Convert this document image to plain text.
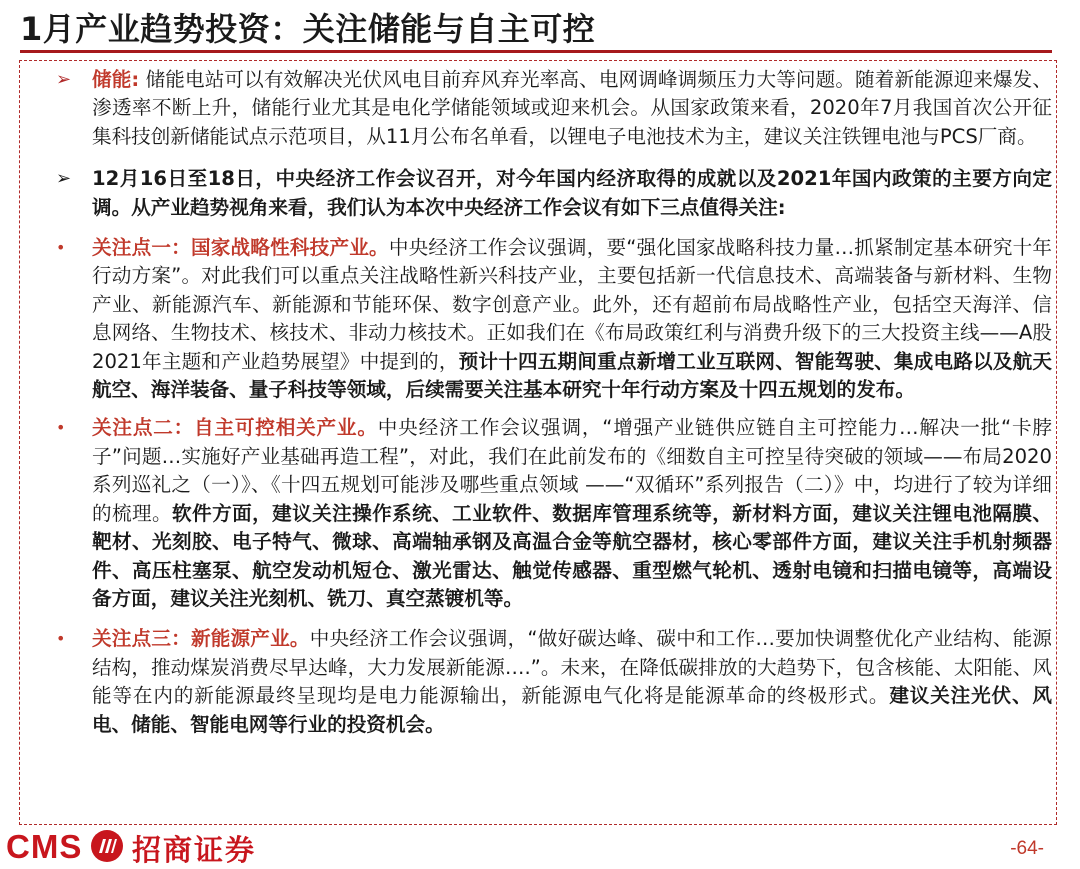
1月产业趋势投资：关注储能与自主可控
➢	储能: 储能电站可以有效解决光伏风电目前弃风弃光率高、电网调峰调频压力大等问题。随着新能源迎来爆发、渗透率不断上升，储能行业尤其是电化学储能领域或迎来机会。从国家政策来看，2020年7月我国首次公开征集科技创新储能试点示范项目，从11月公布名单看，以锂电子电池技术为主，建议关注铁锂电池与PCS厂商。
➢	12月16日至18日，中央经济工作会议召开，对今年国内经济取得的成就以及2021年国内政策的主要方向定调。从产业趋势视角来看，我们认为本次中央经济工作会议有如下三点值得关注:
•	关注点一：国家战略性科技产业。中央经济工作会议强调，要“强化国家战略科技力量…抓紧制定基本研究十年行动方案”。对此我们可以重点关注战略性新兴科技产业，主要包括新一代信息技术、高端装备与新材料、生物产业、新能源汽车、新能源和节能环保、数字创意产业。此外，还有超前布局战略性产业，包括空天海洋、信息网络、生物技术、核技术、非动力核技术。正如我们在《布局政策红利与消费升级下的三大投资主线——A股2021年主题和产业趋势展望》中提到的，预计十四五期间重点新增工业互联网、智能驾驶、集成电路以及航天航空、海洋装备、量子科技等领域，后续需要关注基本研究十年行动方案及十四五规划的发布。
•	关注点二：自主可控相关产业。中央经济工作会议强调，“增强产业链供应链自主可控能力…解决一批“卡脖子”问题…实施好产业基础再造工程”，对此，我们在此前发布的《细数自主可控呈待突破的领域——布局2020系列巡礼之（一）》、《十四五规划可能涉及哪些重点领域 ——“双循环”系列报告（二）》中，均进行了较为详细的梳理。软件方面，建议关注操作系统、工业软件、数据库管理系统等，新材料方面，建议关注锂电池隔膜、靶材、光刻胶、电子特气、微球、高端轴承钢及高温合金等航空器材，核心零部件方面，建议关注手机射频器件、高压柱塞泵、航空发动机短仓、激光雷达、触觉传感器、重型燃气轮机、透射电镜和扫描电镜等，高端设备方面，建议关注光刻机、铣刀、真空蒸镀机等。
•	关注点三：新能源产业。中央经济工作会议强调，“做好碳达峰、碳中和工作…要加快调整优化产业结构、能源结构，推动煤炭消费尽早达峰，大力发展新能源….”。未来，在降低碳排放的大趋势下，包含核能、太阳能、风能等在内的新能源最终呈现均是电力能源输出，新能源电气化将是能源革命的终极形式。建议关注光伏、风电、储能、智能电网等行业的投资机会。
CMS 招商证券	-64-
